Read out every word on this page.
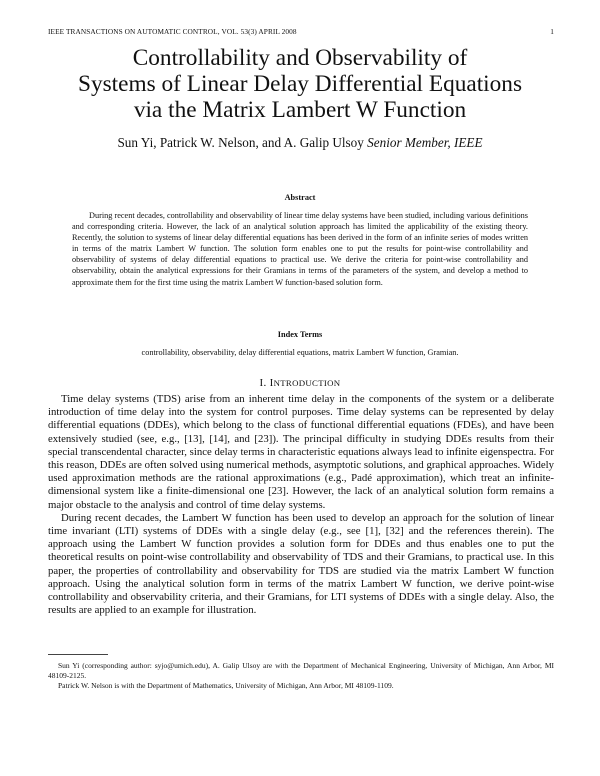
IEEE TRANSACTIONS ON AUTOMATIC CONTROL, VOL. 53(3) APRIL 2008	1
Controllability and Observability of
Systems of Linear Delay Differential Equations
via the Matrix Lambert W Function
Sun Yi, Patrick W. Nelson, and A. Galip Ulsoy Senior Member, IEEE
Abstract
During recent decades, controllability and observability of linear time delay systems have been studied, including various definitions and corresponding criteria. However, the lack of an analytical solution approach has limited the applicability of the existing theory. Recently, the solution to systems of linear delay differential equations has been derived in the form of an infinite series of modes written in terms of the matrix Lambert W function. The solution form enables one to put the results for point-wise controllability and observability of systems of delay differential equations to practical use. We derive the criteria for point-wise controllability and observability, obtain the analytical expressions for their Gramians in terms of the parameters of the system, and develop a method to approximate them for the first time using the matrix Lambert W function-based solution form.
Index Terms
controllability, observability, delay differential equations, matrix Lambert W function, Gramian.
I. INTRODUCTION

Time delay systems (TDS) arise from an inherent time delay in the components of the system or a deliberate introduction of time delay into the system for control purposes. Time delay systems can be represented by delay differential equations (DDEs), which belong to the class of functional differential equations (FDEs), and have been extensively studied (see, e.g., [13], [14], and [23]). The principal difficulty in studying DDEs results from their special transcendental character, since delay terms in characteristic equations always lead to infinite eigenspectra. For this reason, DDEs are often solved using numerical methods, asymptotic solutions, and graphical approaches. Widely used approximation methods are the rational approximations (e.g., Padé approximation), which treat an infinite-dimensional system like a finite-dimensional one [23]. However, the lack of an analytical solution form remains a major obstacle to the analysis and control of time delay systems.

During recent decades, the Lambert W function has been used to develop an approach for the solution of linear time invariant (LTI) systems of DDEs with a single delay (e.g., see [1], [32] and the references therein). The approach using the Lambert W function provides a solution form for DDEs and thus enables one to put the theoretical results on point-wise controllability and observability of TDS and their Gramians, to practical use. In this paper, the properties of controllability and observability for TDS are studied via the matrix Lambert W function approach. Using the analytical solution form in terms of the matrix Lambert W function, we derive point-wise controllability and observability criteria, and their Gramians, for LTI systems of DDEs with a single delay. Also, the results are applied to an example for illustration.

Sun Yi (corresponding author: syjo@umich.edu), A. Galip Ulsoy are with the Department of Mechanical Engineering, University of Michigan, Ann Arbor, MI 48109-2125.

Patrick W. Nelson is with the Department of Mathematics, University of Michigan, Ann Arbor, MI 48109-1109.
